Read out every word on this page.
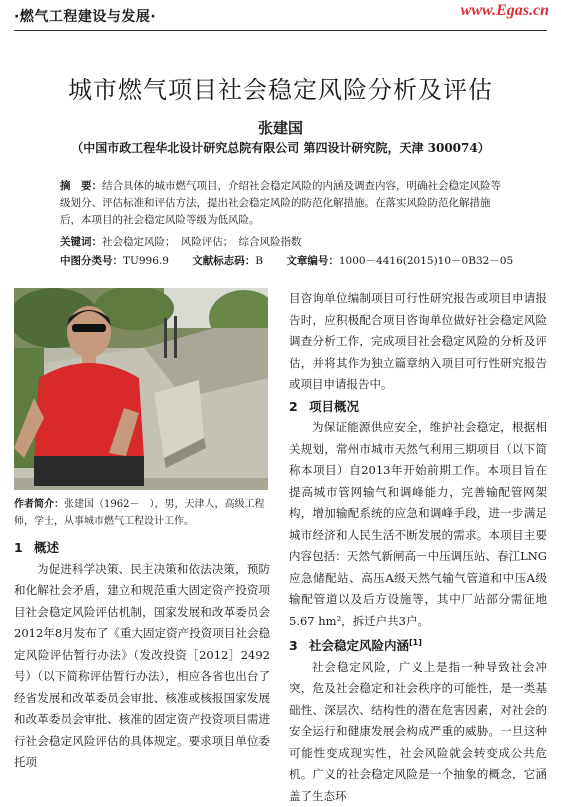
·燃气工程建设与发展·	www.Egas.cn
城市燃气项目社会稳定风险分析及评估
张建国
（中国市政工程华北设计研究总院有限公司 第四设计研究院，天津 300074）
摘　要：结合具体的城市燃气项目，介绍社会稳定风险的内涵及调查内容，明确社会稳定风险等级划分、评估标准和评估方法，提出社会稳定风险的防范化解措施。在落实风险防范化解措施后，本项目的社会稳定风险等级为低风险。
关键词：社会稳定风险；　风险评估；　综合风险指数
中图分类号：TU996.9 文献标志码：B 文章编号：1000－4416(2015)10－0B32－05
作者简介：张建国（1962－　），男，天津人，高级工程师，学士，从事城市燃气工程设计工作。
1 概述

为促进科学决策、民主决策和依法决策，预防和化解社会矛盾，建立和规范重大固定资产投资项目社会稳定风险评估机制，国家发展和改革委员会2012年8月发布了《重大固定资产投资项目社会稳定风险评估暂行办法》（发改投资［2012］2492号）（以下简称评估暂行办法），相应各省也出台了经省发展和改革委员会审批、核准或核报国家发展和改革委员会审批、核准的固定资产投资项目需进行社会稳定风险评估的具体规定。要求项目单位委托项

目咨询单位编制项目可行性研究报告或项目申请报告时，应积极配合项目咨询单位做好社会稳定风险调查分析工作，完成项目社会稳定风险的分析及评估，并将其作为独立篇章纳入项目可行性研究报告或项目申请报告中。

2 项目概况

为保证能源供应安全，维护社会稳定，根据相关规划，常州市城市天然气利用三期项目（以下简称本项目）自2013年开始前期工作。本项目旨在提高城市管网输气和调峰能力，完善输配管网架构，增加输配系统的应急和调峰手段，进一步满足城市经济和人民生活不断发展的需求。本项目主要内容包括：天然气新闸高－中压调压站、春江LNG应急储配站、高压A级天然气输气管道和中压A级输配管道以及后方设施等，其中厂站部分需征地5.67 hm²，拆迁户共3户。

3 社会稳定风险内涵[1]

社会稳定风险，广义上是指一种导致社会冲突，危及社会稳定和社会秩序的可能性，是一类基础性、深层次、结构性的潜在危害因素，对社会的安全运行和健康发展会构成严重的威胁。一旦这种可能性变成现实性，社会风险就会转变成公共危机。广义的社会稳定风险是一个抽象的概念，它涵盖了生态环
